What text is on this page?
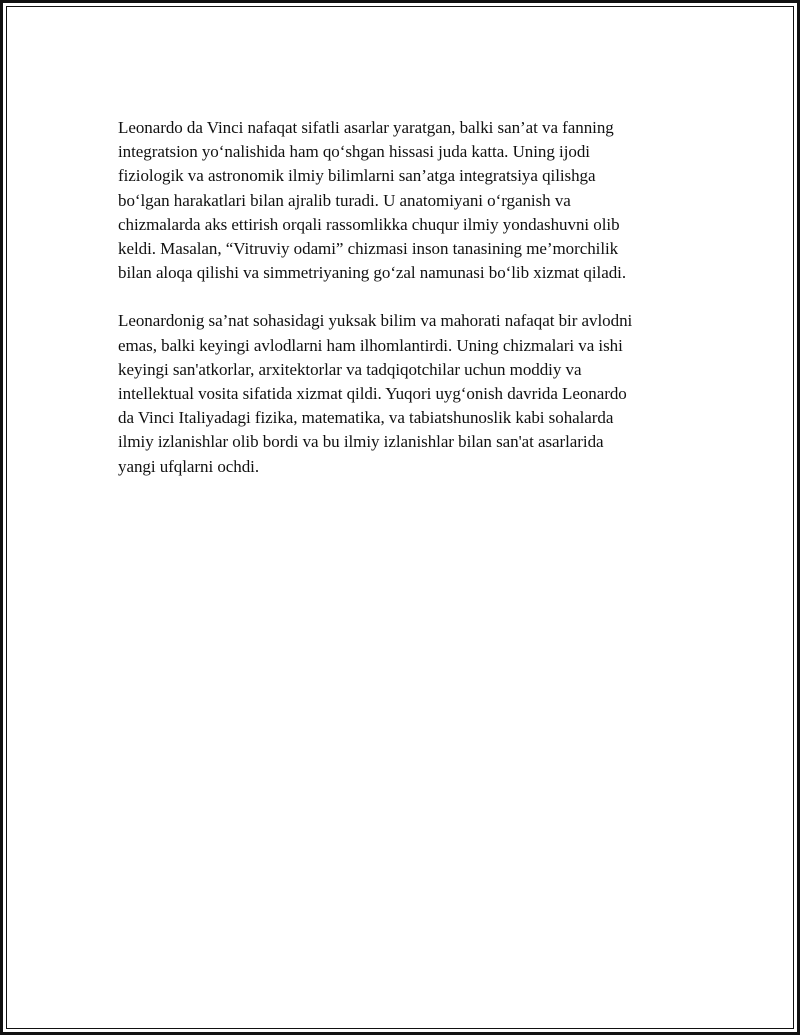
Leonardo da Vinci nafaqat sifatli asarlar yaratgan, balki san’at va fanning
integratsion yo‘nalishida ham qo‘shgan hissasi juda katta. Uning ijodi
fiziologik va astronomik ilmiy bilimlarni san’atga integratsiya qilishga
bo‘lgan harakatlari bilan ajralib turadi. U anatomiyani o‘rganish va
chizmalarda aks ettirish orqali rassomlikka chuqur ilmiy yondashuvni olib
keldi. Masalan, “Vitruviy odami” chizmasi inson tanasining me’morchilik
bilan aloqa qilishi va simmetriyaning go‘zal namunasi bo‘lib xizmat qiladi.

Leonardonig sa’nat sohasidagi yuksak bilim va mahorati nafaqat bir avlodni
emas, balki keyingi avlodlarni ham ilhomlantirdi. Uning chizmalari va ishi
keyingi san'atkorlar, arxitektorlar va tadqiqotchilar uchun moddiy va
intellektual vosita sifatida xizmat qildi. Yuqori uyg‘onish davrida Leonardo
da Vinci Italiyadagi fizika, matematika, va tabiatshunoslik kabi sohalarda
ilmiy izlanishlar olib bordi va bu ilmiy izlanishlar bilan san'at asarlarida
yangi ufqlarni ochdi.
